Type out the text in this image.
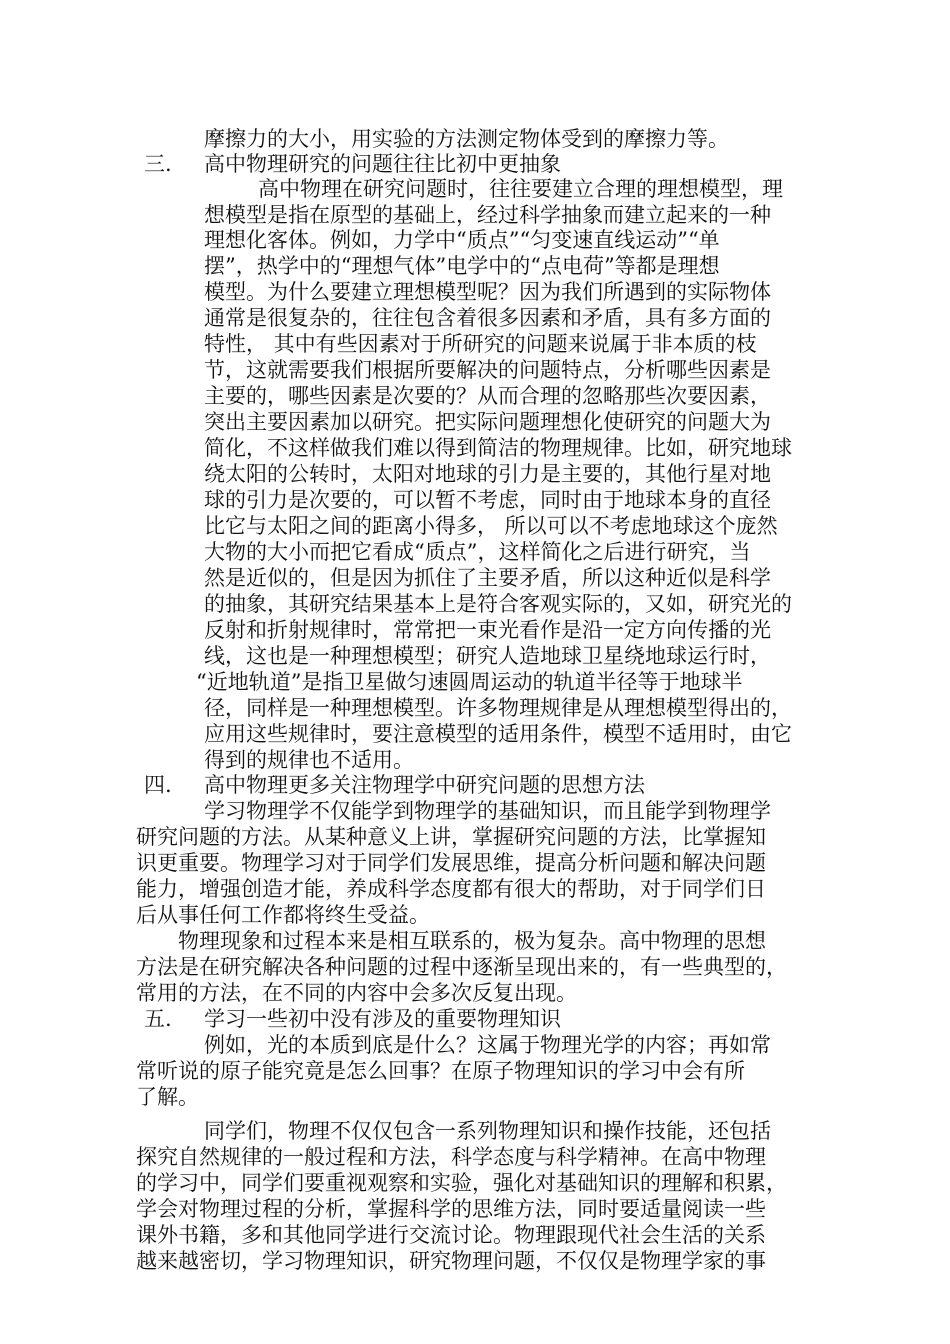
摩擦力的大小，用实验的方法测定物体受到的摩擦力等。
三. 高中物理研究的问题往往比初中更抽象
高中物理在研究问题时，往往要建立合理的理想模型，理
想模型是指在原型的基础上，经过科学抽象而建立起来的一种
理想化客体。例如，力学中“质点”“匀变速直线运动”“单
摆”，热学中的“理想气体”电学中的“点电荷”等都是理想
模型。为什么要建立理想模型呢？因为我们所遇到的实际物体
通常是很复杂的，往往包含着很多因素和矛盾，具有多方面的
特性， 其中有些因素对于所研究的问题来说属于非本质的枝
节，这就需要我们根据所要解决的问题特点，分析哪些因素是
主要的，哪些因素是次要的？从而合理的忽略那些次要因素，
突出主要因素加以研究。把实际问题理想化使研究的问题大为
简化，不这样做我们难以得到简洁的物理规律。比如，研究地球
绕太阳的公转时，太阳对地球的引力是主要的，其他行星对地
球的引力是次要的，可以暂不考虑，同时由于地球本身的直径
比它与太阳之间的距离小得多， 所以可以不考虑地球这个庞然
大物的大小而把它看成“质点”，这样简化之后进行研究，当
然是近似的，但是因为抓住了主要矛盾，所以这种近似是科学
的抽象，其研究结果基本上是符合客观实际的，又如，研究光的
反射和折射规律时，常常把一束光看作是沿一定方向传播的光
线，这也是一种理想模型；研究人造地球卫星绕地球运行时，
“近地轨道”是指卫星做匀速圆周运动的轨道半径等于地球半
径，同样是一种理想模型。许多物理规律是从理想模型得出的，
应用这些规律时，要注意模型的适用条件，模型不适用时，由它
得到的规律也不适用。
四. 高中物理更多关注物理学中研究问题的思想方法
学习物理学不仅能学到物理学的基础知识，而且能学到物理学
研究问题的方法。从某种意义上讲，掌握研究问题的方法，比掌握知
识更重要。物理学习对于同学们发展思维，提高分析问题和解决问题
能力，增强创造才能，养成科学态度都有很大的帮助，对于同学们日
后从事任何工作都将终生受益。
物理现象和过程本来是相互联系的，极为复杂。高中物理的思想
方法是在研究解决各种问题的过程中逐渐呈现出来的，有一些典型的，
常用的方法，在不同的内容中会多次反复出现。
五. 学习一些初中没有涉及的重要物理知识
例如，光的本质到底是什么？这属于物理光学的内容；再如常
常听说的原子能究竟是怎么回事？在原子物理知识的学习中会有所
了解。
同学们，物理不仅仅包含一系列物理知识和操作技能，还包括
探究自然规律的一般过程和方法，科学态度与科学精神。在高中物理
的学习中，同学们要重视观察和实验，强化对基础知识的理解和积累，
学会对物理过程的分析，掌握科学的思维方法，同时要适量阅读一些
课外书籍，多和其他同学进行交流讨论。物理跟现代社会生活的关系
越来越密切，学习物理知识，研究物理问题，不仅仅是物理学家的事
